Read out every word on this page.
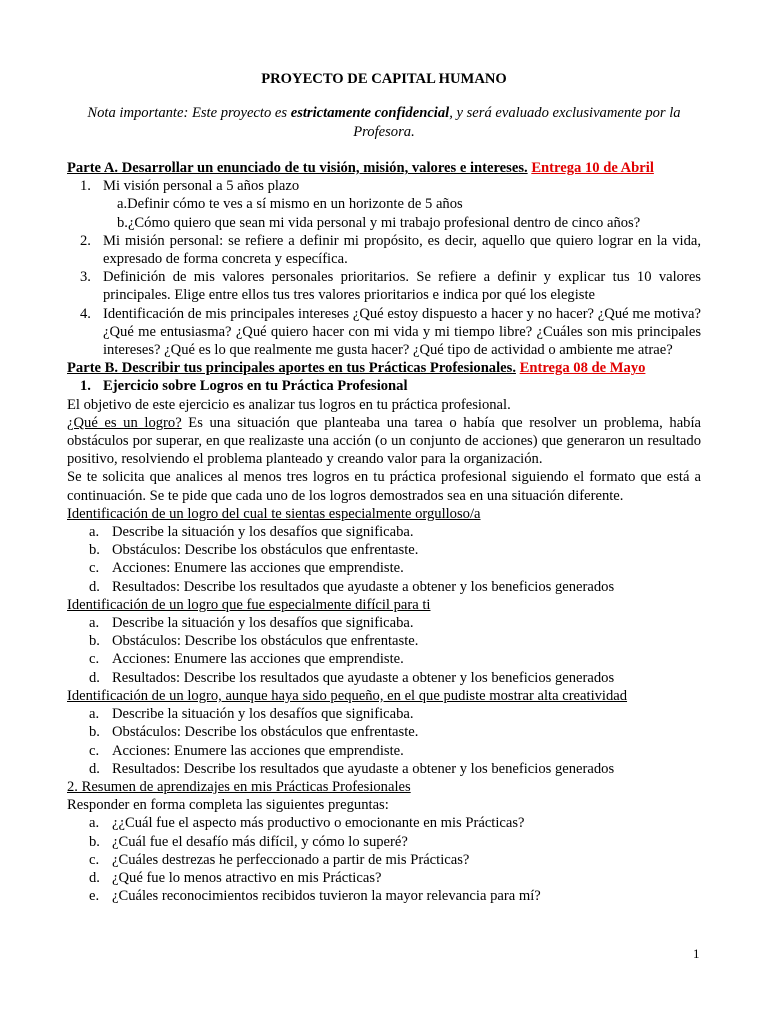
PROYECTO DE CAPITAL HUMANO
Nota importante: Este proyecto es estrictamente confidencial, y será evaluado exclusivamente por la Profesora.
Parte A. Desarrollar un enunciado de tu visión, misión, valores e intereses. Entrega 10 de Abril
1. Mi visión personal a 5 años plazo
a.Definir cómo te ves a sí mismo en un horizonte de 5 años
b.¿Cómo quiero que sean mi vida personal y mi trabajo profesional dentro de cinco años?
2. Mi misión personal: se refiere a definir mi propósito, es decir, aquello que quiero lograr en la vida, expresado de forma concreta y específica.
3. Definición de mis valores personales prioritarios. Se refiere a definir y explicar tus 10 valores principales. Elige entre ellos tus tres valores prioritarios e indica por qué los elegiste
4. Identificación de mis principales intereses ¿Qué estoy dispuesto a hacer y no hacer? ¿Qué me motiva? ¿Qué me entusiasma? ¿Qué quiero hacer con mi vida y mi tiempo libre? ¿Cuáles son mis principales intereses? ¿Qué es lo que realmente me gusta hacer? ¿Qué tipo de actividad o ambiente me atrae?
Parte B. Describir tus principales aportes en tus Prácticas Profesionales. Entrega 08 de Mayo
1. Ejercicio sobre Logros en tu Práctica Profesional
El objetivo de este ejercicio es analizar tus logros en tu práctica profesional.
¿Qué es un logro? Es una situación que planteaba una tarea o había que resolver un problema, había obstáculos por superar, en que realizaste una acción (o un conjunto de acciones) que generaron un resultado positivo, resolviendo el problema planteado y creando valor para la organización.
Se te solicita que analices al menos tres logros en tu práctica profesional siguiendo el formato que está a continuación. Se te pide que cada uno de los logros demostrados sea en una situación diferente.
Identificación de un logro del cual te sientas especialmente orgulloso/a
a. Describe la situación y los desafíos que significaba.
b. Obstáculos: Describe los obstáculos que enfrentaste.
c. Acciones: Enumere las acciones que emprendiste.
d. Resultados: Describe los resultados que ayudaste a obtener y los beneficios generados
Identificación de un logro que fue especialmente difícil para ti
a. Describe la situación y los desafíos que significaba.
b. Obstáculos: Describe los obstáculos que enfrentaste.
c. Acciones: Enumere las acciones que emprendiste.
d. Resultados: Describe los resultados que ayudaste a obtener y los beneficios generados
Identificación de un logro, aunque haya sido pequeño, en el que pudiste mostrar alta creatividad
a. Describe la situación y los desafíos que significaba.
b. Obstáculos: Describe los obstáculos que enfrentaste.
c. Acciones: Enumere las acciones que emprendiste.
d. Resultados: Describe los resultados que ayudaste a obtener y los beneficios generados
2. Resumen de aprendizajes en mis Prácticas Profesionales
Responder en forma completa las siguientes preguntas:
a. ¿¿Cuál fue el aspecto más productivo o emocionante en mis Prácticas?
b. ¿Cuál fue el desafío más difícil, y cómo lo superé?
c. ¿Cuáles destrezas he perfeccionado a partir de mis Prácticas?
d. ¿Qué fue lo menos atractivo en mis Prácticas?
e. ¿Cuáles reconocimientos recibidos tuvieron la mayor relevancia para mí?
1
